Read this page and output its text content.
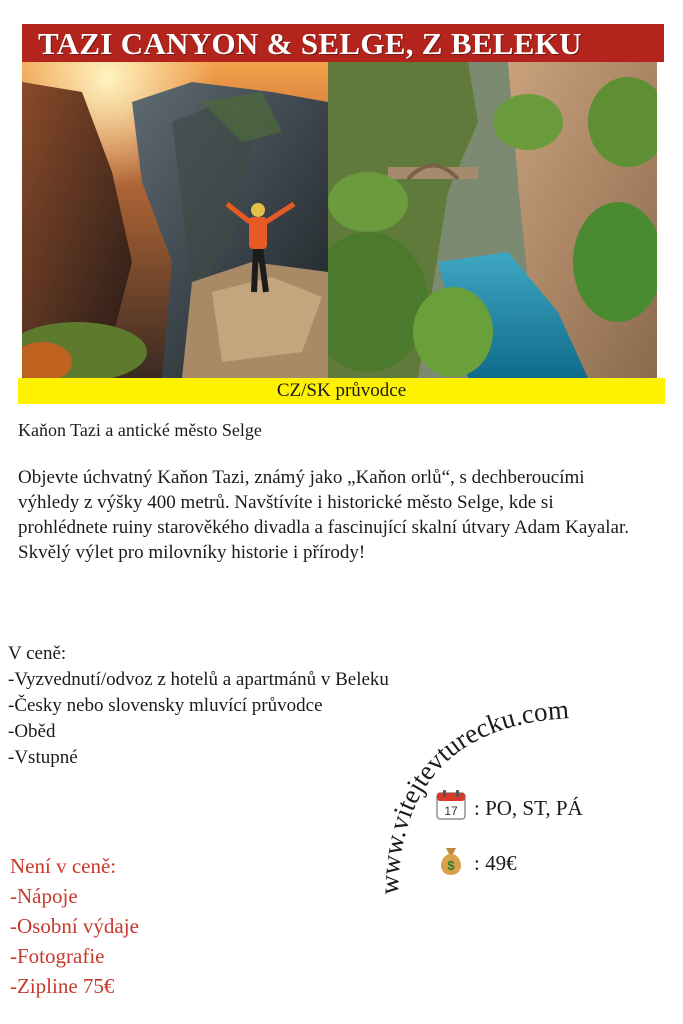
TAZI CANYON & SELGE, Z BELEKU
CZ/SK průvodce
Kaňon Tazi a antické město Selge
Objevte úchvatný Kaňon Tazi, známý jako „Kaňon orlů“, s dechberoucími výhledy z výšky 400 metrů. Navštívíte i historické město Selge, kde si prohlédnete ruiny starověkého divadla a fascinující skalní útvary Adam Kayalar. Skvělý výlet pro milovníky historie i přírody!

V ceně:

-Vyzvednutí/odvoz z hotelů a apartmánů v Beleku

-Česky nebo slovensky mluvící průvodce

-Oběd

-Vstupné

Není v ceně:

-Nápoje

-Osobní výdaje

-Fotografie

-Zipline 75€

www.vitejtevturecku.com
17 : PO, ST, PÁ
$ : 49€
